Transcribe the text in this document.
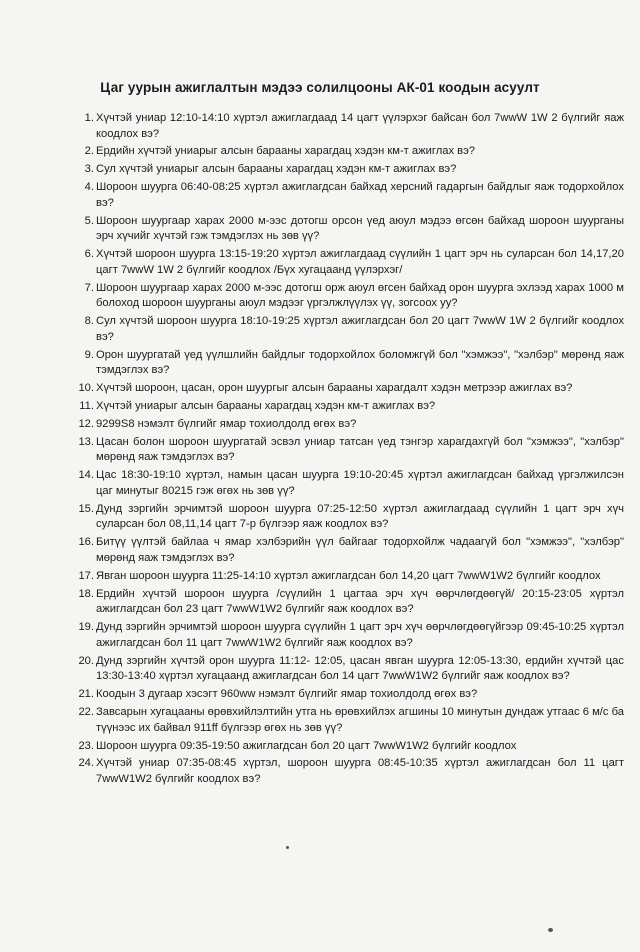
Цаг уурын ажиглалтын мэдээ солилцооны АК-01 коодын асуулт
1. Хүчтэй униар 12:10-14:10 хүртэл ажиглагдаад 14 цагт үүлэрхэг байсан бол 7wwW 1W 2 бүлгийг яаж коодлох вэ?
2. Ердийн хүчтэй униарыг алсын барааны харагдац хэдэн км-т ажиглах вэ?
3. Сул хүчтэй униарыг алсын барааны харагдац хэдэн км-т ажиглах вэ?
4. Шороон шуурга 06:40-08:25 хүртэл ажиглагдсан байхад херсний гадаргын байдлыг яаж тодорхойлох вэ?
5. Шороон шуургаар харах 2000 м-ээс дотогш орсон үед аюул мэдээ өгсөн байхад шороон шуурганы эрч хүчийг хүчтэй гэж тэмдэглэх нь зөв үү?
6. Хүчтэй шороон шуурга 13:15-19:20 хүртэл ажиглагдаад сүүлийн 1 цагт эрч нь суларсан бол 14,17,20 цагт 7wwW 1W 2 бүлгийг коодлох /Бүх хугацаанд үүлэрхэг/
7. Шороон шуургаар харах 2000 м-ээс дотогш орж аюул өгсен байхад орон шуурга эхлээд харах 1000 м болоход шороон шуурганы аюул мэдээг үргэлжлүүлэх үү, зогсоох уу?
8. Сул хүчтэй шороон шуурга 18:10-19:25 хүртэл ажиглагдсан бол 20 цагт 7wwW 1W 2 бүлгийг коодлох вэ?
9. Орон шуургатай үед үүлшлийн байдлыг тодорхойлох боломжгүй бол "хэмжээ", "хэлбэр" мөрөнд яаж тэмдэглэх вэ?
10. Хүчтэй шороон, цасан, орон шуургыг алсын барааны харагдалт хэдэн метрээр ажиглах вэ?
11. Хүчтэй униарыг алсын барааны харагдац хэдэн км-т ажиглах вэ?
12. 9299S8 нэмэлт бүлгийг ямар тохиолдолд өгөх вэ?
13. Цасан болон шороон шуургатай эсвэл униар татсан үед тэнгэр харагдахгүй бол "хэмжээ", "хэлбэр" мөрөнд яаж тэмдэглэх вэ?
14. Цас 18:30-19:10 хүртэл, намын цасан шуурга 19:10-20:45 хүртэл ажиглагдсан байхад үргэлжилсэн цаг минутыг 80215 гэж өгөх нь зөв үү?
15. Дунд зэргийн эрчимтэй шороон шуурга 07:25-12:50 хүртэл ажиглагдаад сүүлийн 1 цагт эрч хүч суларсан бол 08,11,14 цагт 7-р бүлгээр яаж коодлох вэ?
16. Битүү үүлтэй байлаа ч ямар хэлбэрийн үүл байгааг тодорхойлж чадаагүй бол "хэмжээ", "хэлбэр" мөрөнд яаж тэмдэглэх вэ?
17. Явган шороон шуурга 11:25-14:10 хүртэл ажиглагдсан бол 14,20 цагт 7wwW1W2 бүлгийг коодлох
18. Ердийн хүчтэй шороон шуурга /сүүлийн 1 цагтаа эрч хүч өөрчлөгдөөгүй/ 20:15-23:05 хүртэл ажиглагдсан бол 23 цагт 7wwW1W2 бүлгийг яаж коодлох вэ?
19. Дунд зэргийн эрчимтэй шороон шуурга сүүлийн 1 цагт эрч хүч өөрчлөгдөөгүйгээр 09:45-10:25 хүртэл ажиглагдсан бол 11 цагт 7wwW1W2 бүлгийг яаж коодлох вэ?
20. Дунд зэргийн хүчтэй орон шуурга 11:12- 12:05, цасан явган шуурга 12:05-13:30, ердийн хүчтэй цас 13:30-13:40 хүртэл хугацаанд ажиглагдсан бол 14 цагт 7wwW1W2 бүлгийг яаж коодлох вэ?
21. Коодын 3 дугаар хэсэгт 960ww нэмэлт бүлгийг ямар тохиолдолд өгөх вэ?
22. Завсарын хугацааны өрөвхийлэлтийн утга нь өрөвхийлэх агшины 10 минутын дундаж утгаас 6 м/с ба түүнээс их байвал 911ff бүлгээр өгөх нь зөв үү?
23. Шороон шуурга 09:35-19:50 ажиглагдсан бол 20 цагт 7wwW1W2 бүлгийг коодлох
24. Хүчтэй униар 07:35-08:45 хүртэл, шороон шуурга 08:45-10:35 хүртэл ажиглагдсан бол 11 цагт 7wwW1W2 бүлгийг коодлох вэ?
